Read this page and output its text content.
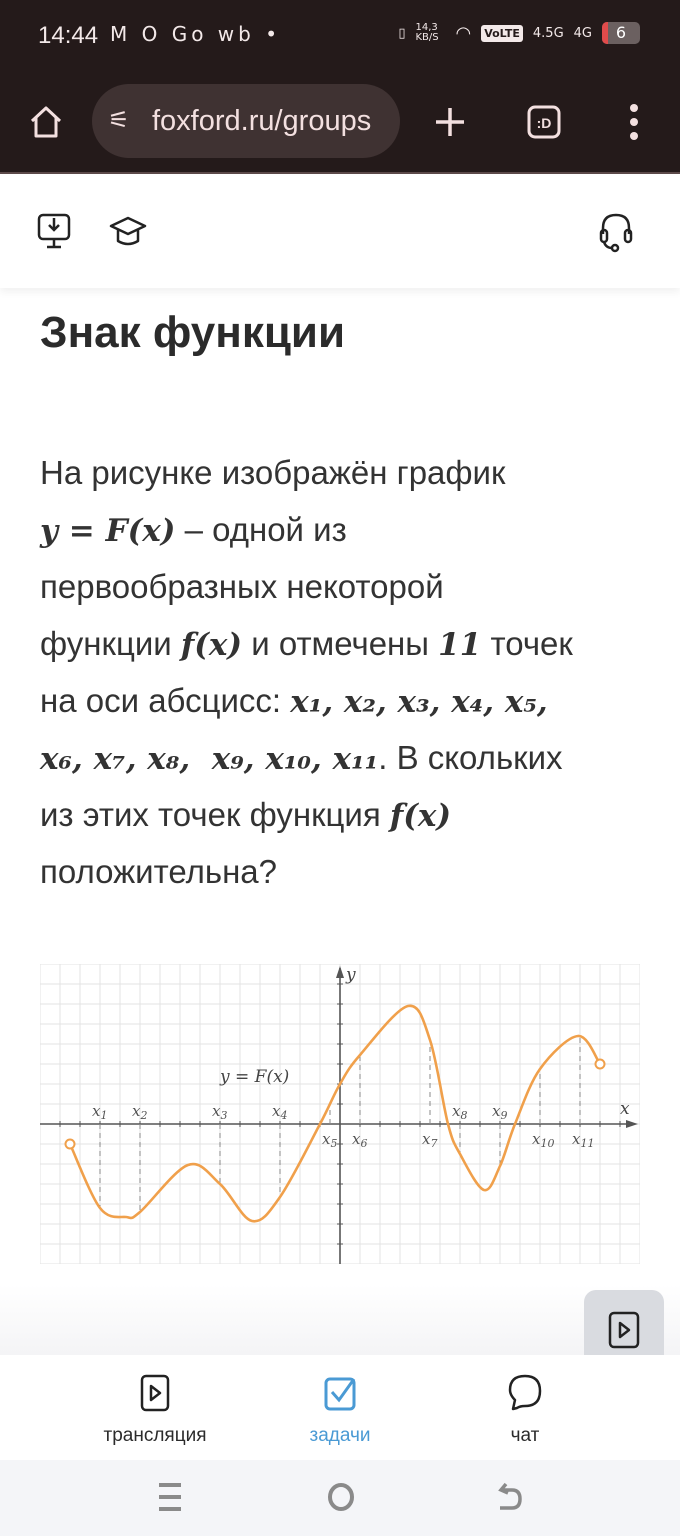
14:44 M O Go wb •	▯ 14,3 KB/S ◠ VoLTE 4.5G 4G	6
⚟ foxford.ru/groups	:D
Знак функции
На рисунке изображён график
y = F(x) – одной из
первообразных некоторой
функции f(x) и отмечены 11 точек
на оси абсцисс: x₁, x₂, x₃, x₄, x₅,
x₆, x₇, x₈,  x₉, x₁₀, x₁₁. В скольких
из этих точек функция f(x)
положительна?
x
y
$x_1$ $x_2$	$x_3$	$x_4$
$x_5$ $x_6$	$x_7$
$x_8$ $x_9$
$x_{10}$ $x_{11}$
y = F(x)
трансляция	задачи	чат
